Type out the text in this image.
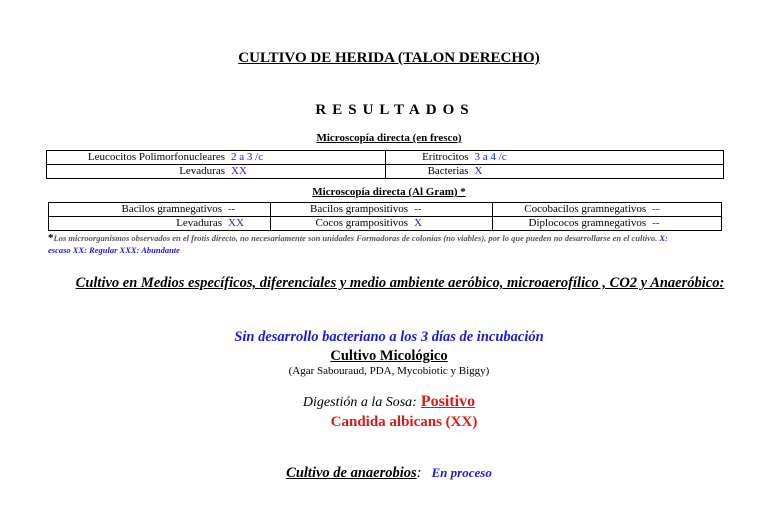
CULTIVO DE HERIDA (TALON DERECHO)
RESULTADOS
Microscopía directa (en fresco)
Leucocitos Polimorfonucleares 2 a 3 /c	Eritrocitos 3 a 4 /c
Levaduras XX	Bacterias X
Microscopía directa (Al Gram) *
Bacilos gramnegativos --	Bacilos grampositivos --	Cocobacilos gramnegativos --
Levaduras XX	Cocos grampositivos X	Diplococos gramnegativos --
*Los microorganismos observados en el frotis directo, no necesariamente son unidades Formadoras de colonias (no viables), por lo que pueden no desarrollarse en el cultivo. X: escaso XX: Regular XXX: Abundante
Cultivo en Medios específicos, diferenciales y medio ambiente aeróbico, microaerofílico , CO2 y Anaeróbico:
Sin desarrollo bacteriano a los 3 días de incubación
Cultivo Micológico
(Agar Sabouraud, PDA, Mycobiotic y Biggy)
Digestión a la Sosa: Positivo
Candida albicans (XX)
Cultivo de anaerobios: En proceso
